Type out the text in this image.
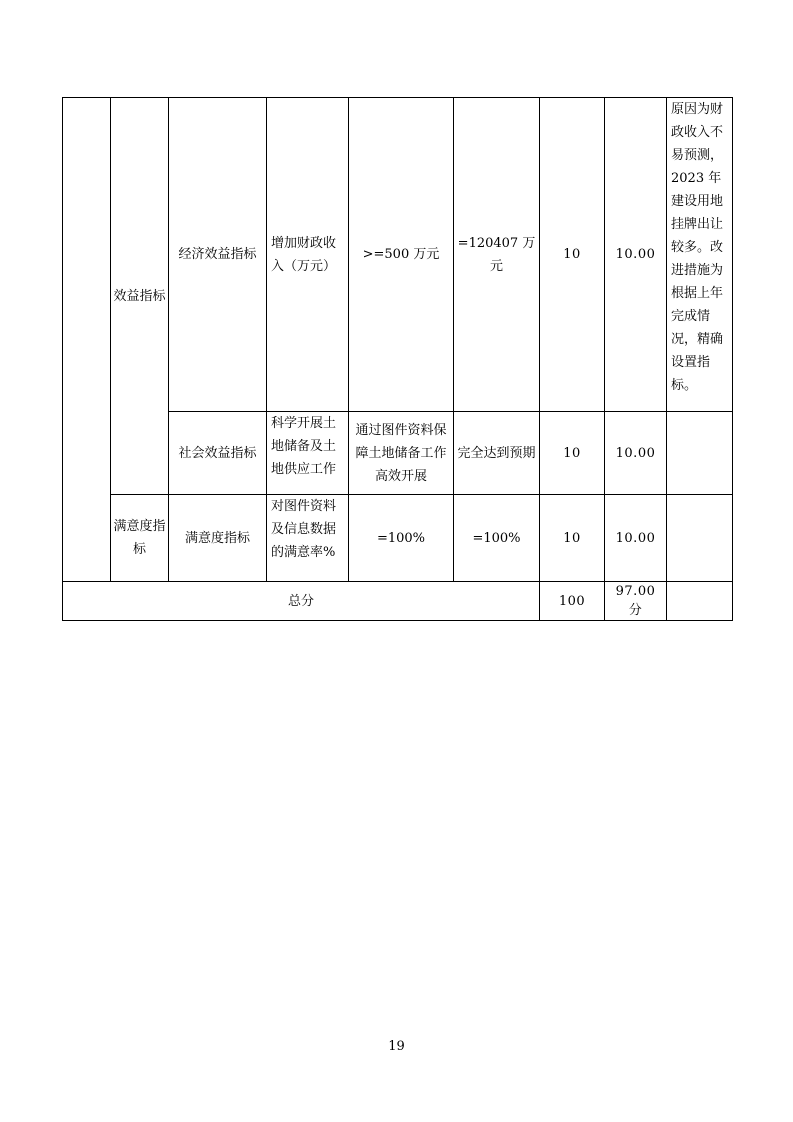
	效益指标	经济效益指标	增加财政收入（万元）	>=500 万元	=120407 万元	10	10.00	原因为财政收入不易预测，2023 年建设用地挂牌出让较多。改进措施为根据上年完成情况，精确设置指标。
		社会效益指标	科学开展土地储备及土地供应工作	通过图件资料保障土地储备工作高效开展	完全达到预期	10	10.00	
	满意度指标	满意度指标	对图件资料及信息数据的满意率%	=100%	=100%	10	10.00	
总分						100	97.00 分	
19
